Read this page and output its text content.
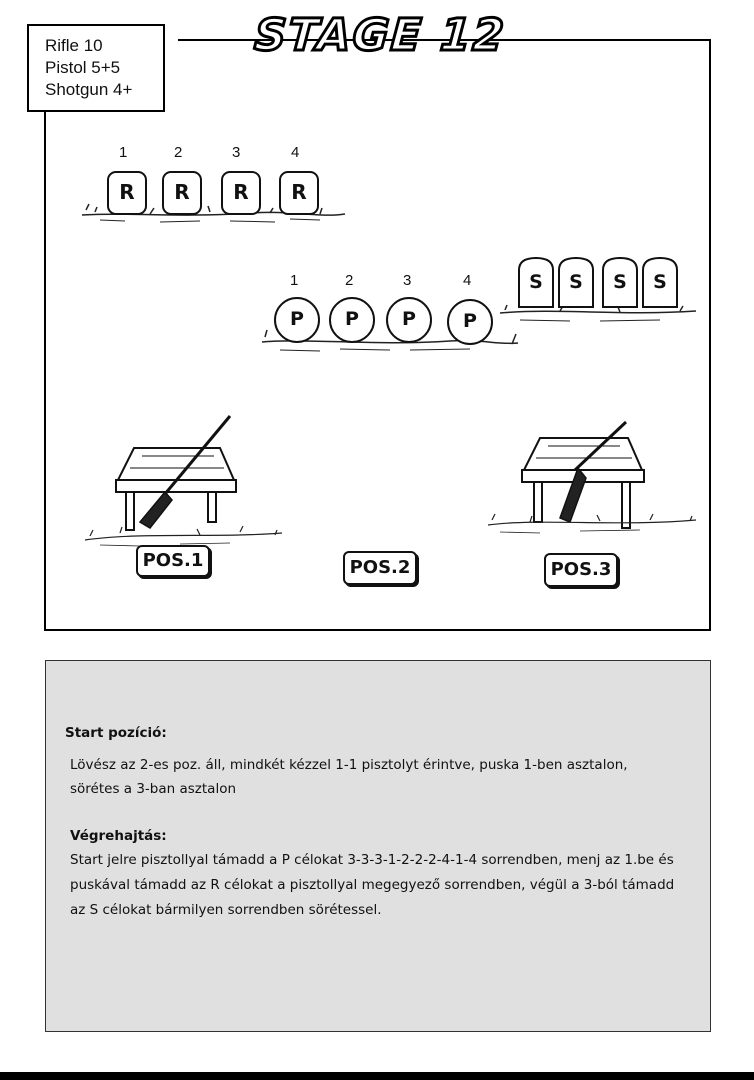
Rifle 10
Pistol 5+5
Shotgun 4+
STAGE 12
1	2	3	4
R	R	R	R
1	2	3	4
P	P	P	P
S	S	S	S
POS.1	POS.2	POS.3
Start pozíció:
Lövész az 2-es poz. áll, mindkét kézzel 1-1 pisztolyt érintve, puska 1-ben asztalon,
sörétes a 3-ban asztalon
Végrehajtás:
Start jelre pisztollyal támadd a P célokat 3-3-3-1-2-2-2-4-1-4 sorrendben, menj az 1.be és
puskával támadd az R célokat a pisztollyal megegyező sorrendben, végül a 3-ból támadd
az S célokat bármilyen sorrendben sörétessel.
